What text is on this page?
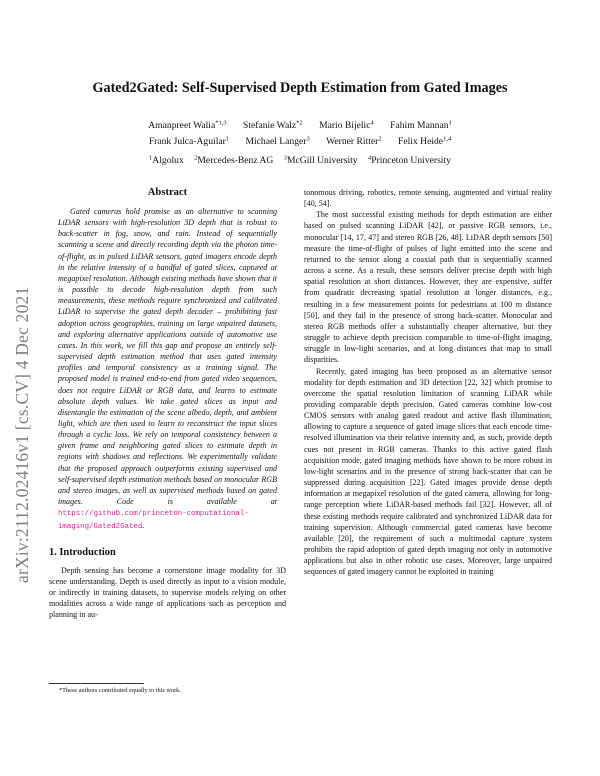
arXiv:2112.02416v1 [cs.CV] 4 Dec 2021
Gated2Gated: Self-Supervised Depth Estimation from Gated Images
Amanpreet Walia$^{*1,3}$ Stefanie Walz$^{*2}$ Mario Bijelic$^4$ Fahim Mannan$^1$
Frank Julca-Aguilar$^1$ Michael Langer$^3$ Werner Ritter$^2$ Felix Heide$^{1,4}$
$^1$Algolux $^2$Mercedes-Benz AG $^3$McGill University $^4$Princeton University
Abstract

Gated cameras hold promise as an alternative to scanning LiDAR sensors with high-resolution 3D depth that is robust to back-scatter in fog, snow, and rain. Instead of sequentially scanning a scene and directly recording depth via the photon time-of-flight, as in pulsed LiDAR sensors, gated imagers encode depth in the relative intensity of a handful of gated slices, captured at megapixel resolution. Although existing methods have shown that it is possible to decode high-resolution depth from such measurements, these methods require synchronized and calibrated LiDAR to supervise the gated depth decoder – prohibiting fast adoption across geographies, training on large unpaired datasets, and exploring alternative applications outside of automotive use cases. In this work, we fill this gap and propose an entirely self-supervised depth estimation method that uses gated intensity profiles and temporal consistency as a training signal. The proposed model is trained end-to-end from gated video sequences, does not require LiDAR or RGB data, and learns to estimate absolute depth values. We take gated slices as input and disentangle the estimation of the scene albedo, depth, and ambient light, which are then used to learn to reconstruct the input slices through a cyclic loss. We rely on temporal consistency between a given frame and neighboring gated slices to estimate depth in regions with shadows and reflections. We experimentally validate that the proposed approach outperforms existing supervised and self-supervised depth estimation methods based on monocular RGB and stereo images, as well as supervised methods based on gated images. Code is available at https://github.com/princeton-computational-imaging/Gated2Gated.

1. Introduction

Depth sensing has become a cornerstone image modality for 3D scene understanding. Depth is used directly as input to a vision module, or indirectly in training datasets, to supervise models relying on other modalities across a wide range of applications such as perception and planning in au-

tonomous driving, robotics, remote sensing, augmented and virtual reality [40, 54].

The most successful existing methods for depth estimation are either based on pulsed scanning LiDAR [42], or passive RGB sensors, i.e., monocular [14, 17, 47] and stereo RGB [26, 48]. LiDAR depth sensors [50] measure the time-of-flight of pulses of light emitted into the scene and returned to the sensor along a coaxial path that is sequentially scanned across a scene. As a result, these sensors deliver precise depth with high spatial resolution at short distances. However, they are expensive, suffer from quadratic decreasing spatial resolution at longer distances, e.g., resulting in a few measurement points for pedestrians at 100 m distance [50], and they fail in the presence of strong back-scatter. Monocular and stereo RGB methods offer a substantially cheaper alternative, but they struggle to achieve depth precision comparable to time-of-flight imaging, struggle in low-light scenarios, and at long distances that map to small disparities.

Recently, gated imaging has been proposed as an alternative sensor modality for depth estimation and 3D detection [22, 32] which promise to overcome the spatial resolution limitation of scanning LiDAR while providing comparable depth precision. Gated cameras combine low-cost CMOS sensors with analog gated readout and active flash illumination, allowing to capture a sequence of gated image slices that each encode time-resolved illumination via their relative intensity and, as such, provide depth cues not present in RGB cameras. Thanks to this active gated flash acquisition mode, gated imaging methods have shown to be more robust in low-light scenarios and in the presence of strong back-scatter that can be suppressed during acquisition [22]. Gated images provide dense depth information at megapixel resolution of the gated camera, allowing for long-range perception where LiDAR-based methods fail [32]. However, all of these existing methods require calibrated and synchronized LiDAR data for training supervision. Although commercial gated cameras have become available [20], the requirement of such a multimodal capture system prohibits the rapid adoption of gated depth imaging not only in automotive applications but also in other robotic use cases. Moreover, large unpaired sequences of gated imagery cannot be exploited in training

*These authors contributed equally to this work.
